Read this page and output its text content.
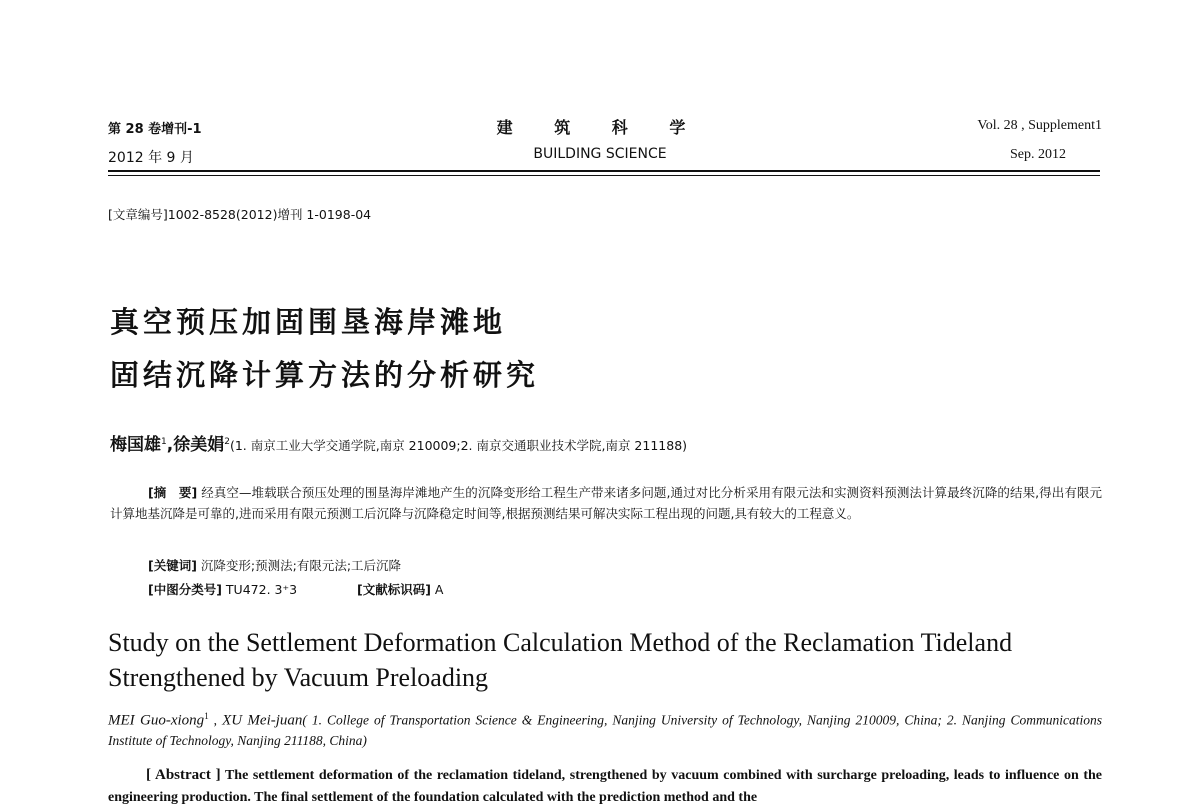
第 28 卷增刊-1
2012 年 9 月
建 筑 科 学
BUILDING SCIENCE
Vol. 28 , Supplement1
Sep. 2012
[文章编号]1002-8528(2012)增刊 1-0198-04
真空预压加固围垦海岸滩地
固结沉降计算方法的分析研究
梅国雄$^1$,徐美娟$^2$(1. 南京工业大学交通学院,南京 210009;2. 南京交通职业技术学院,南京 211188)
[摘　要] 经真空—堆载联合预压处理的围垦海岸滩地产生的沉降变形给工程生产带来诸多问题,通过对比分析采用有限元法和实测资料预测法计算最终沉降的结果,得出有限元计算地基沉降是可靠的,进而采用有限元预测工后沉降与沉降稳定时间等,根据预测结果可解决实际工程出现的问题,具有较大的工程意义。
[关键词] 沉降变形;预测法;有限元法;工后沉降
[中图分类号] TU472. 3⁺3	[文献标识码] A
Study on the Settlement Deformation Calculation Method of the Reclamation Tideland Strengthened by Vacuum Preloading
MEI Guo-xiong$^1$ , XU Mei-juan( 1. College of Transportation Science & Engineering, Nanjing University of Technology, Nanjing 210009, China; 2. Nanjing Communications Institute of Technology, Nanjing 211188, China)
[ Abstract ] The settlement deformation of the reclamation tideland, strengthened by vacuum combined with surcharge preloading, leads to influence on the engineering production. The final settlement of the foundation calculated with the prediction method and the
